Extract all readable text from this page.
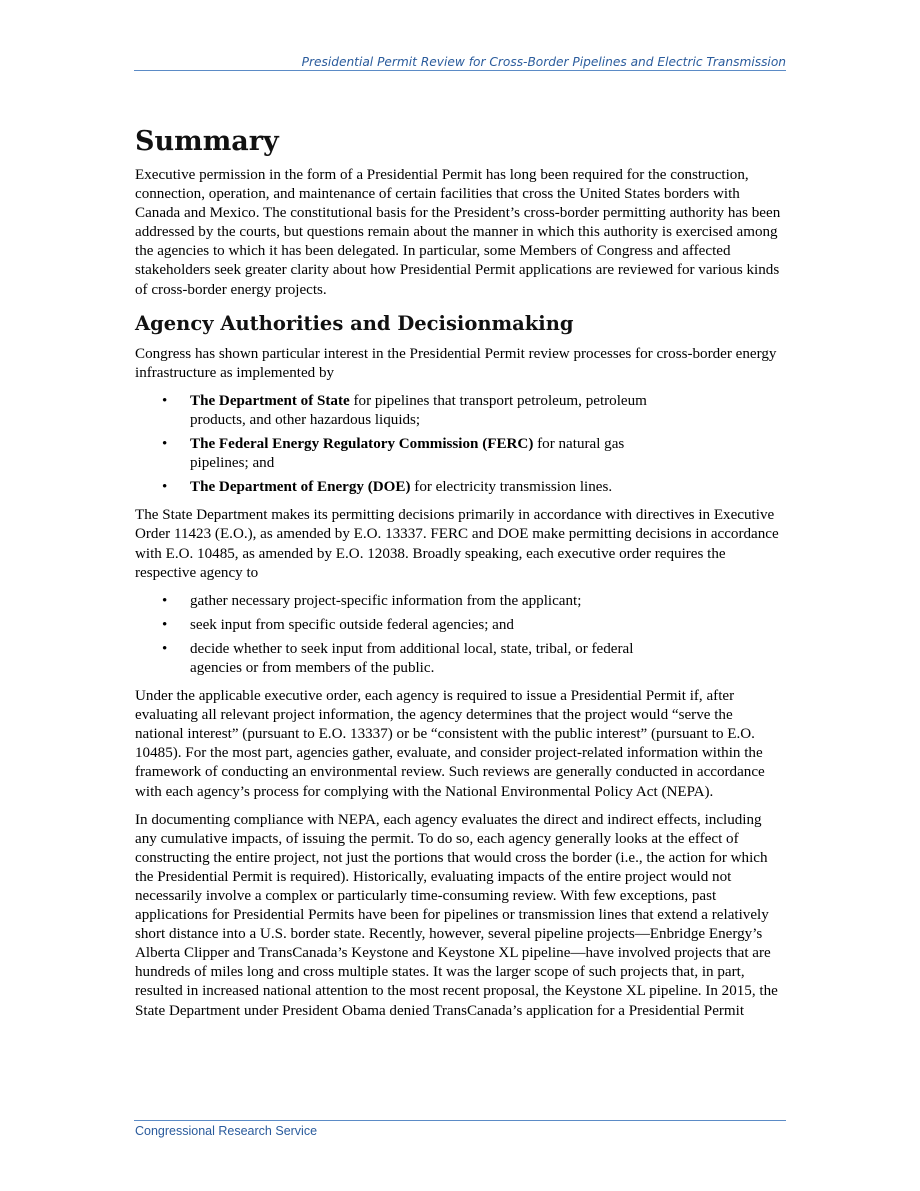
Presidential Permit Review for Cross-Border Pipelines and Electric Transmission
Summary

Executive permission in the form of a Presidential Permit has long been required for the construction, connection, operation, and maintenance of certain facilities that cross the United States borders with Canada and Mexico. The constitutional basis for the President’s cross-border permitting authority has been addressed by the courts, but questions remain about the manner in which this authority is exercised among the agencies to which it has been delegated. In particular, some Members of Congress and affected stakeholders seek greater clarity about how Presidential Permit applications are reviewed for various kinds of cross-border energy projects.

Agency Authorities and Decisionmaking

Congress has shown particular interest in the Presidential Permit review processes for cross-border energy infrastructure as implemented by

• The Department of State for pipelines that transport petroleum, petroleum products, and other hazardous liquids;
• The Federal Energy Regulatory Commission (FERC) for natural gas pipelines; and
• The Department of Energy (DOE) for electricity transmission lines.

The State Department makes its permitting decisions primarily in accordance with directives in Executive Order 11423 (E.O.), as amended by E.O. 13337. FERC and DOE make permitting decisions in accordance with E.O. 10485, as amended by E.O. 12038. Broadly speaking, each executive order requires the respective agency to

• gather necessary project-specific information from the applicant;
• seek input from specific outside federal agencies; and
• decide whether to seek input from additional local, state, tribal, or federal agencies or from members of the public.

Under the applicable executive order, each agency is required to issue a Presidential Permit if, after evaluating all relevant project information, the agency determines that the project would “serve the national interest” (pursuant to E.O. 13337) or be “consistent with the public interest” (pursuant to E.O. 10485). For the most part, agencies gather, evaluate, and consider project-related information within the framework of conducting an environmental review. Such reviews are generally conducted in accordance with each agency’s process for complying with the National Environmental Policy Act (NEPA).

In documenting compliance with NEPA, each agency evaluates the direct and indirect effects, including any cumulative impacts, of issuing the permit. To do so, each agency generally looks at the effect of constructing the entire project, not just the portions that would cross the border (i.e., the action for which the Presidential Permit is required). Historically, evaluating impacts of the entire project would not necessarily involve a complex or particularly time-consuming review. With few exceptions, past applications for Presidential Permits have been for pipelines or transmission lines that extend a relatively short distance into a U.S. border state. Recently, however, several pipeline projects—Enbridge Energy’s Alberta Clipper and TransCanada’s Keystone and Keystone XL pipeline—have involved projects that are hundreds of miles long and cross multiple states. It was the larger scope of such projects that, in part, resulted in increased national attention to the most recent proposal, the Keystone XL pipeline. In 2015, the State Department under President Obama denied TransCanada’s application for a Presidential Permit

Congressional Research Service
